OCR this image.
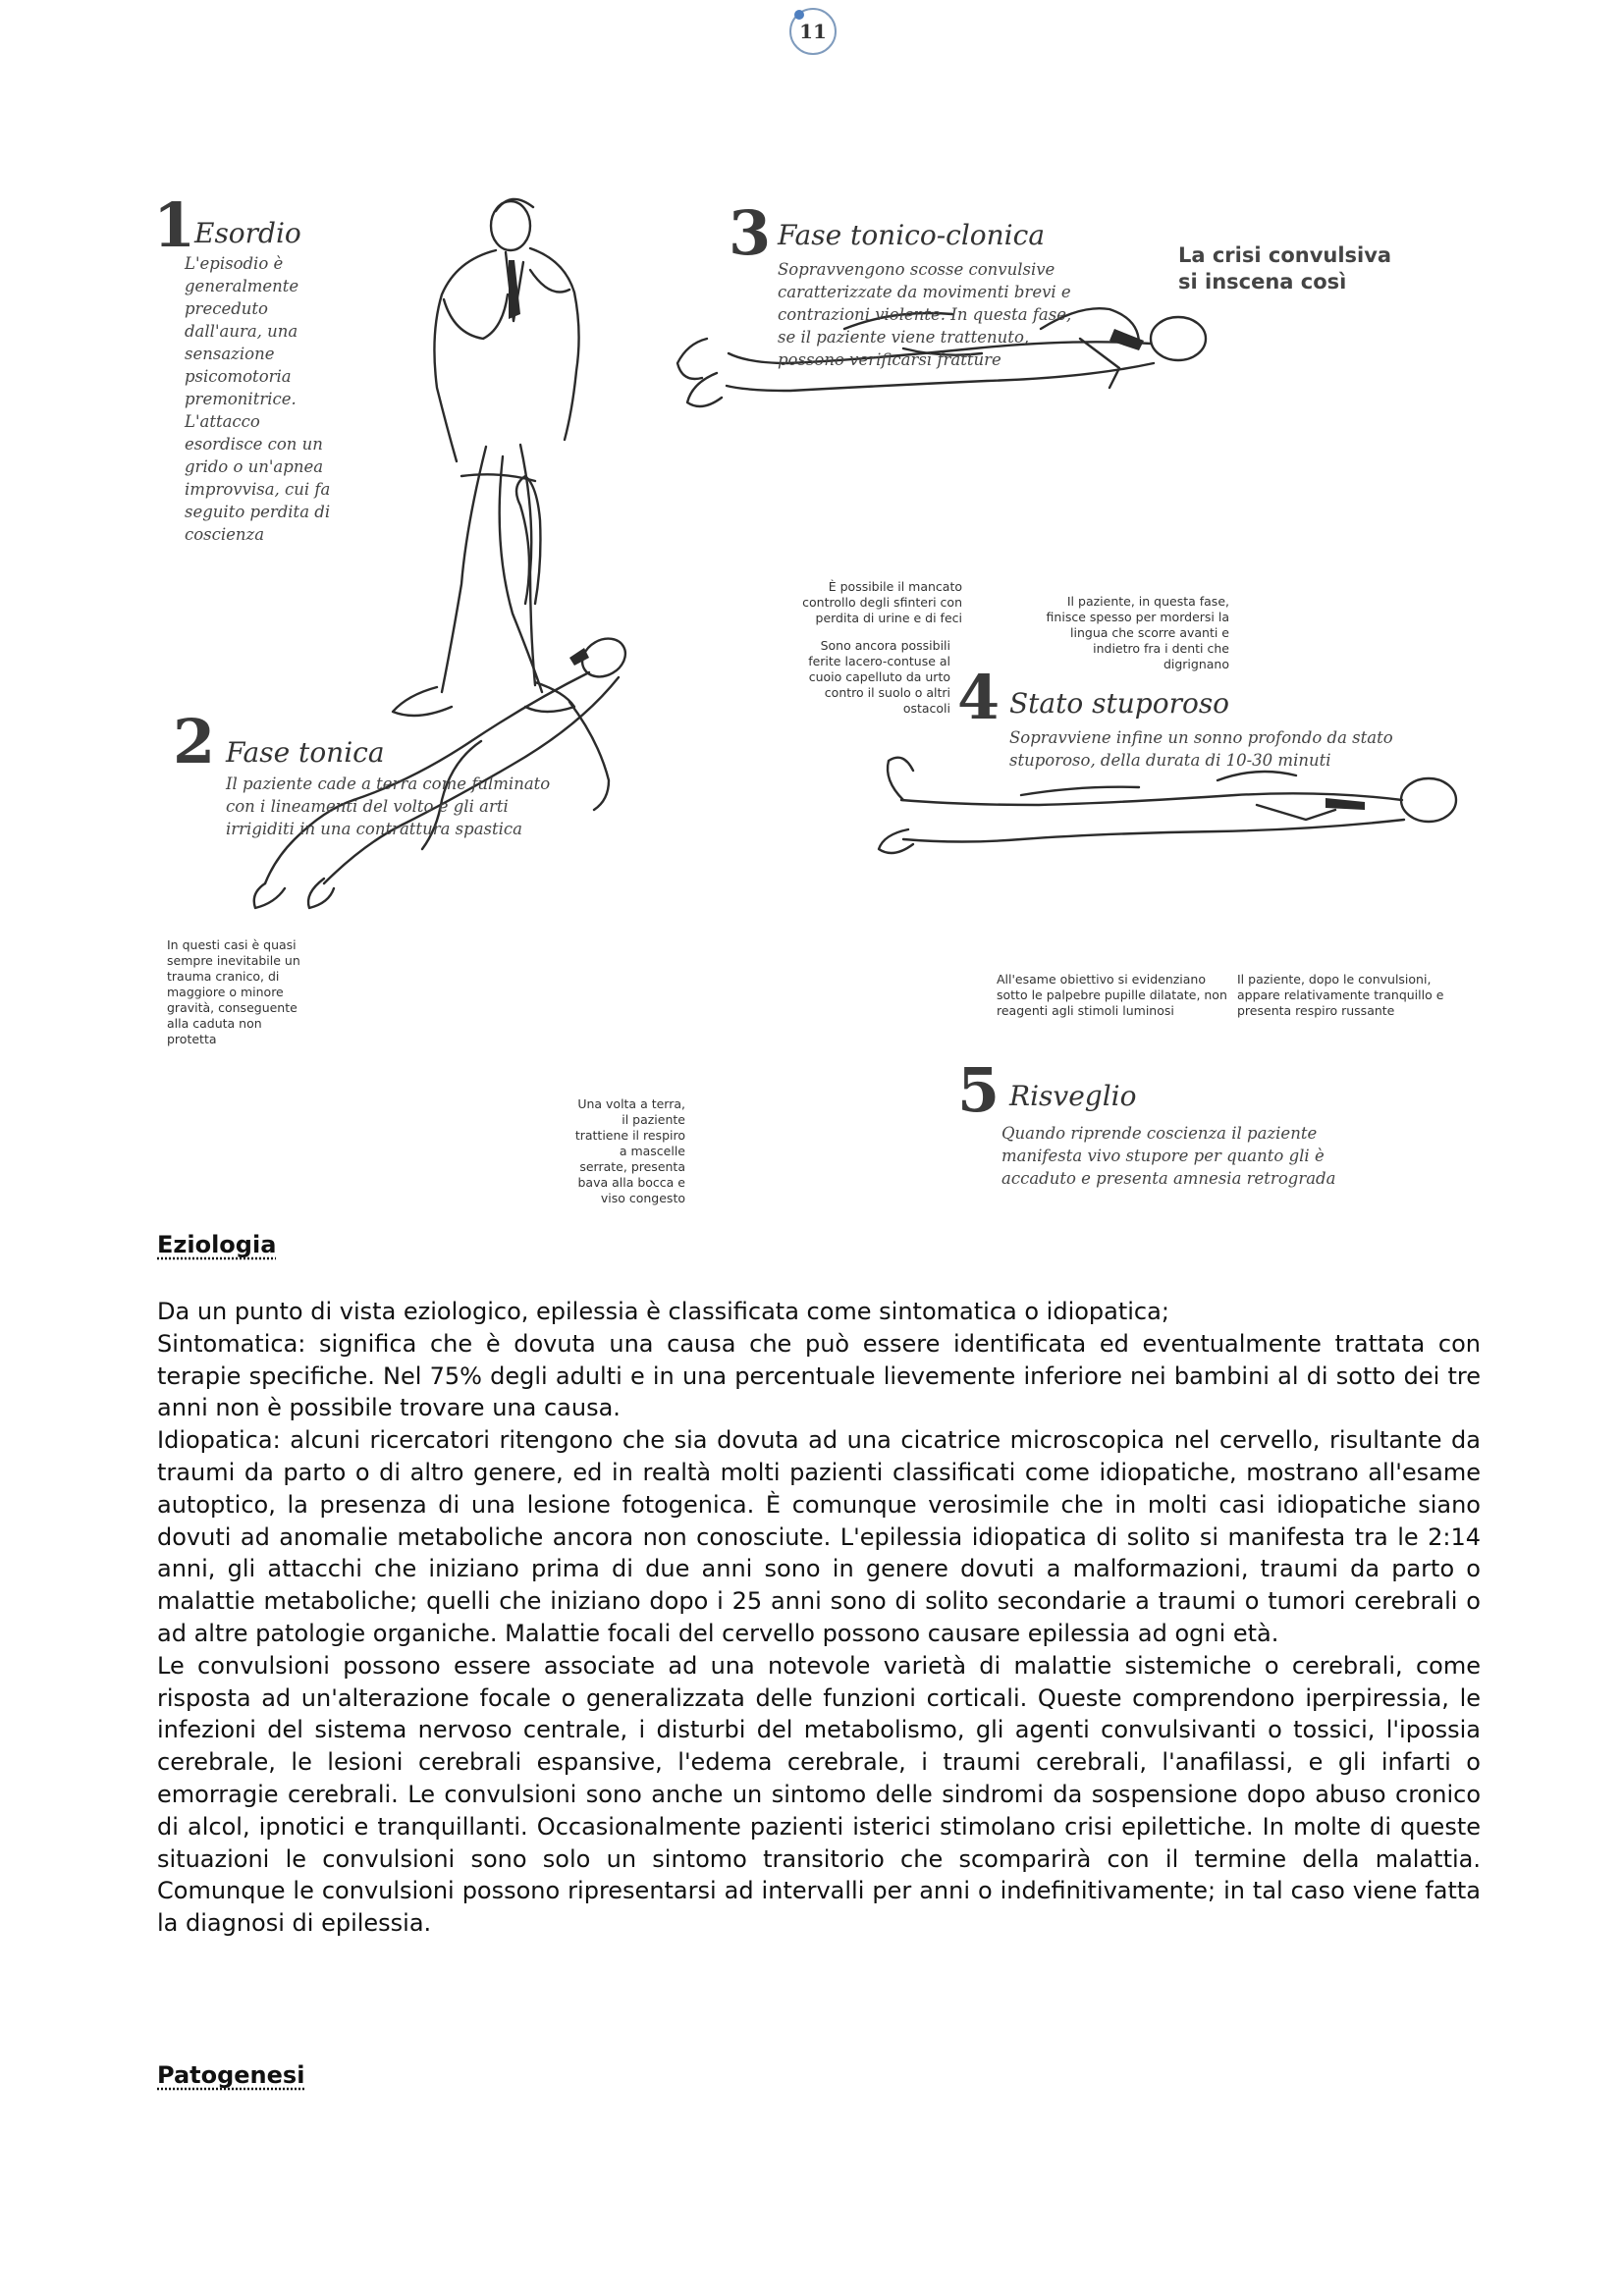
11
1
Esordio
L'episodio è generalmente preceduto dall'aura, una sensazione psicomotoria premonitrice. L'attacco esordisce con un grido o un'apnea improvvisa, cui fa seguito perdita di coscienza
2 Fase tonica
Il paziente cade a terra come fulminato con i lineamenti del volto e gli arti irrigiditi in una contrattura spastica
3 Fase tonico-clonica
Sopravvengono scosse convulsive caratterizzate da movimenti brevi e contrazioni violente. In questa fase, se il paziente viene trattenuto, possono verificarsi fratture
La crisi convulsiva si inscena così
4 Stato stuporoso
Sopravviene infine un sonno profondo da stato stuporoso, della durata di 10-30 minuti
5 Risveglio
Quando riprende coscienza il paziente manifesta vivo stupore per quanto gli è accaduto e presenta amnesia retrograda
In questi casi è quasi sempre inevitabile un trauma cranico, di maggiore o minore gravità, conseguente alla caduta non protetta
Una volta a terra, il paziente trattiene il respiro a mascelle serrate, presenta bava alla bocca e viso congesto
È possibile il mancato controllo degli sfinteri con perdita di urine e di feci
Sono ancora possibili ferite lacero-contuse al cuoio capelluto da urto contro il suolo o altri ostacoli
Il paziente, in questa fase, finisce spesso per mordersi la lingua che scorre avanti e indietro fra i denti che digrignano
All'esame obiettivo si evidenziano sotto le palpebre pupille dilatate, non reagenti agli stimoli luminosi
Il paziente, dopo le convulsioni, appare relativamente tranquillo e presenta respiro russante
Eziologia

Da un punto di vista eziologico, epilessia è classificata come sintomatica o idiopatica;

Sintomatica: significa che è dovuta una causa che può essere identificata ed eventualmente trattata con terapie specifiche. Nel 75% degli adulti e in una percentuale lievemente inferiore nei bambini al di sotto dei tre anni non è possibile trovare una causa.

Idiopatica: alcuni ricercatori ritengono che sia dovuta ad una cicatrice microscopica nel cervello, risultante da traumi da parto o di altro genere, ed in realtà molti pazienti classificati come idiopatiche, mostrano all'esame autoptico, la presenza di una lesione fotogenica. È comunque verosimile che in molti casi idiopatiche siano dovuti ad anomalie metaboliche ancora non conosciute. L'epilessia idiopatica di solito si manifesta tra le 2:14 anni, gli attacchi che iniziano prima di due anni sono in genere dovuti a malformazioni, traumi da parto o malattie metaboliche; quelli che iniziano dopo i 25 anni sono di solito secondarie a traumi o tumori cerebrali o ad altre patologie organiche. Malattie focali del cervello possono causare epilessia ad ogni età.

Le convulsioni possono essere associate ad una notevole varietà di malattie sistemiche o cerebrali, come risposta ad un'alterazione focale o generalizzata delle funzioni corticali. Queste comprendono iperpiressia, le infezioni del sistema nervoso centrale, i disturbi del metabolismo, gli agenti convulsivanti o tossici, l'ipossia cerebrale, le lesioni cerebrali espansive, l'edema cerebrale, i traumi cerebrali, l'anafilassi, e gli infarti o emorragie cerebrali. Le convulsioni sono anche un sintomo delle sindromi da sospensione dopo abuso cronico di alcol, ipnotici e tranquillanti. Occasionalmente pazienti isterici stimolano crisi epilettiche. In molte di queste situazioni le convulsioni sono solo un sintomo transitorio che scomparirà con il termine della malattia. Comunque le convulsioni possono ripresentarsi ad intervalli per anni o indefinitivamente; in tal caso viene fatta la diagnosi di epilessia.

Patogenesi
